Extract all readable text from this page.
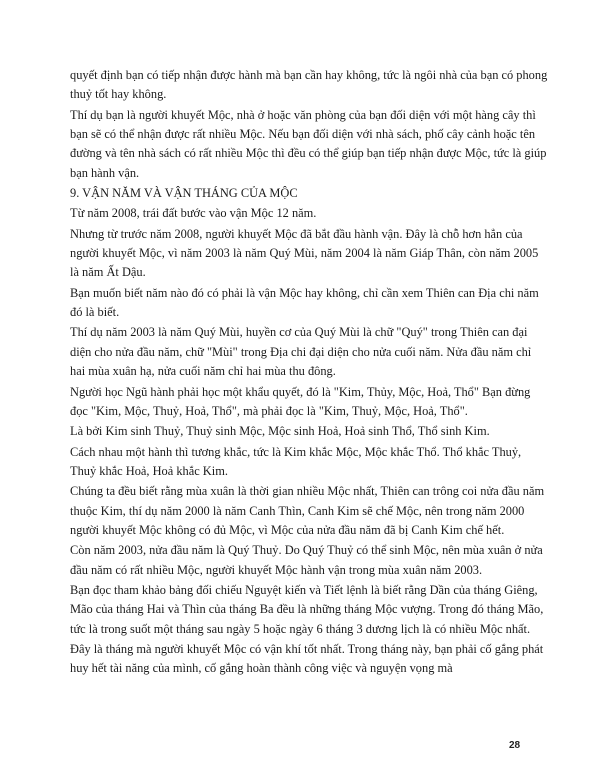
quyết định bạn có tiếp nhận được hành mà bạn cần hay không, tức là ngôi nhà của bạn có phong thuỷ tốt hay không.

Thí dụ bạn là người khuyết Mộc, nhà ở hoặc văn phòng của bạn đối diện với một hàng cây thì bạn sẽ có thể nhận được rất nhiều Mộc. Nếu bạn đối diện với nhà sách, phố cây cảnh hoặc tên đường và tên nhà sách có rất nhiều Mộc thì đều có thể giúp bạn tiếp nhận được Mộc, tức là giúp bạn hành vận.

9. VẬN NĂM VÀ VẬN THÁNG CỦA MỘC

Từ năm 2008, trái đất bước vào vận Mộc 12 năm.

Nhưng từ trước năm 2008, người khuyết Mộc đã bắt đầu hành vận. Đây là chỗ hơn hẳn của người khuyết Mộc, vì năm 2003 là năm Quý Mùi, năm 2004 là năm Giáp Thân, còn năm 2005 là năm Ất Dậu.

Bạn muốn biết năm nào đó có phải là vận Mộc hay không, chỉ cần xem Thiên can Địa chi năm đó là biết.

Thí dụ năm 2003 là năm Quý Mùi, huyền cơ của Quý Mùi là chữ "Quý" trong Thiên can đại diện cho nửa đầu năm, chữ "Mùi" trong Địa chi đại diện cho nửa cuối năm. Nửa đầu năm chỉ hai mùa xuân hạ, nửa cuối năm chỉ hai mùa thu đông.

Người học Ngũ hành phải học một khẩu quyết, đó là "Kim, Thủy, Mộc, Hoả, Thổ" Bạn đừng đọc "Kim, Mộc, Thuỷ, Hoả, Thổ", mà phải đọc là "Kim, Thuỷ, Mộc, Hoả, Thổ".

Là bởi Kim sinh Thuỷ, Thuỷ sinh Mộc, Mộc sinh Hoả, Hoả sinh Thổ, Thổ sinh Kim.

Cách nhau một hành thì tương khắc, tức là Kim khắc Mộc, Mộc khắc Thổ. Thổ khắc Thuỷ, Thuỷ khắc Hoả, Hoả khắc Kim.

Chúng ta đều biết rằng mùa xuân là thời gian nhiều Mộc nhất, Thiên can trông coi nửa đầu năm thuộc Kim, thí dụ năm 2000 là năm Canh Thìn, Canh Kim sẽ chế Mộc, nên trong năm 2000 người khuyết Mộc không có đủ Mộc, vì Mộc của nửa đầu năm đã bị Canh Kim chế hết.

Còn năm 2003, nửa đầu năm là Quý Thuỷ. Do Quý Thuỷ có thể sinh Mộc, nên mùa xuân ở nửa đầu năm có rất nhiều Mộc, người khuyết Mộc hành vận trong mùa xuân năm 2003.

Bạn đọc tham khảo bảng đối chiếu Nguyệt kiến và Tiết lệnh là biết rằng Dần của tháng Giêng, Mão của tháng Hai và Thìn của tháng Ba đều là những tháng Mộc vượng. Trong đó tháng Mão, tức là trong suốt một tháng sau ngày 5 hoặc ngày 6 tháng 3 dương lịch là có nhiều Mộc nhất.

Đây là tháng mà người khuyết Mộc có vận khí tốt nhất. Trong tháng này, bạn phải cố gắng phát huy hết tài năng của mình, cố gắng hoàn thành công việc và nguyện vọng mà

28
